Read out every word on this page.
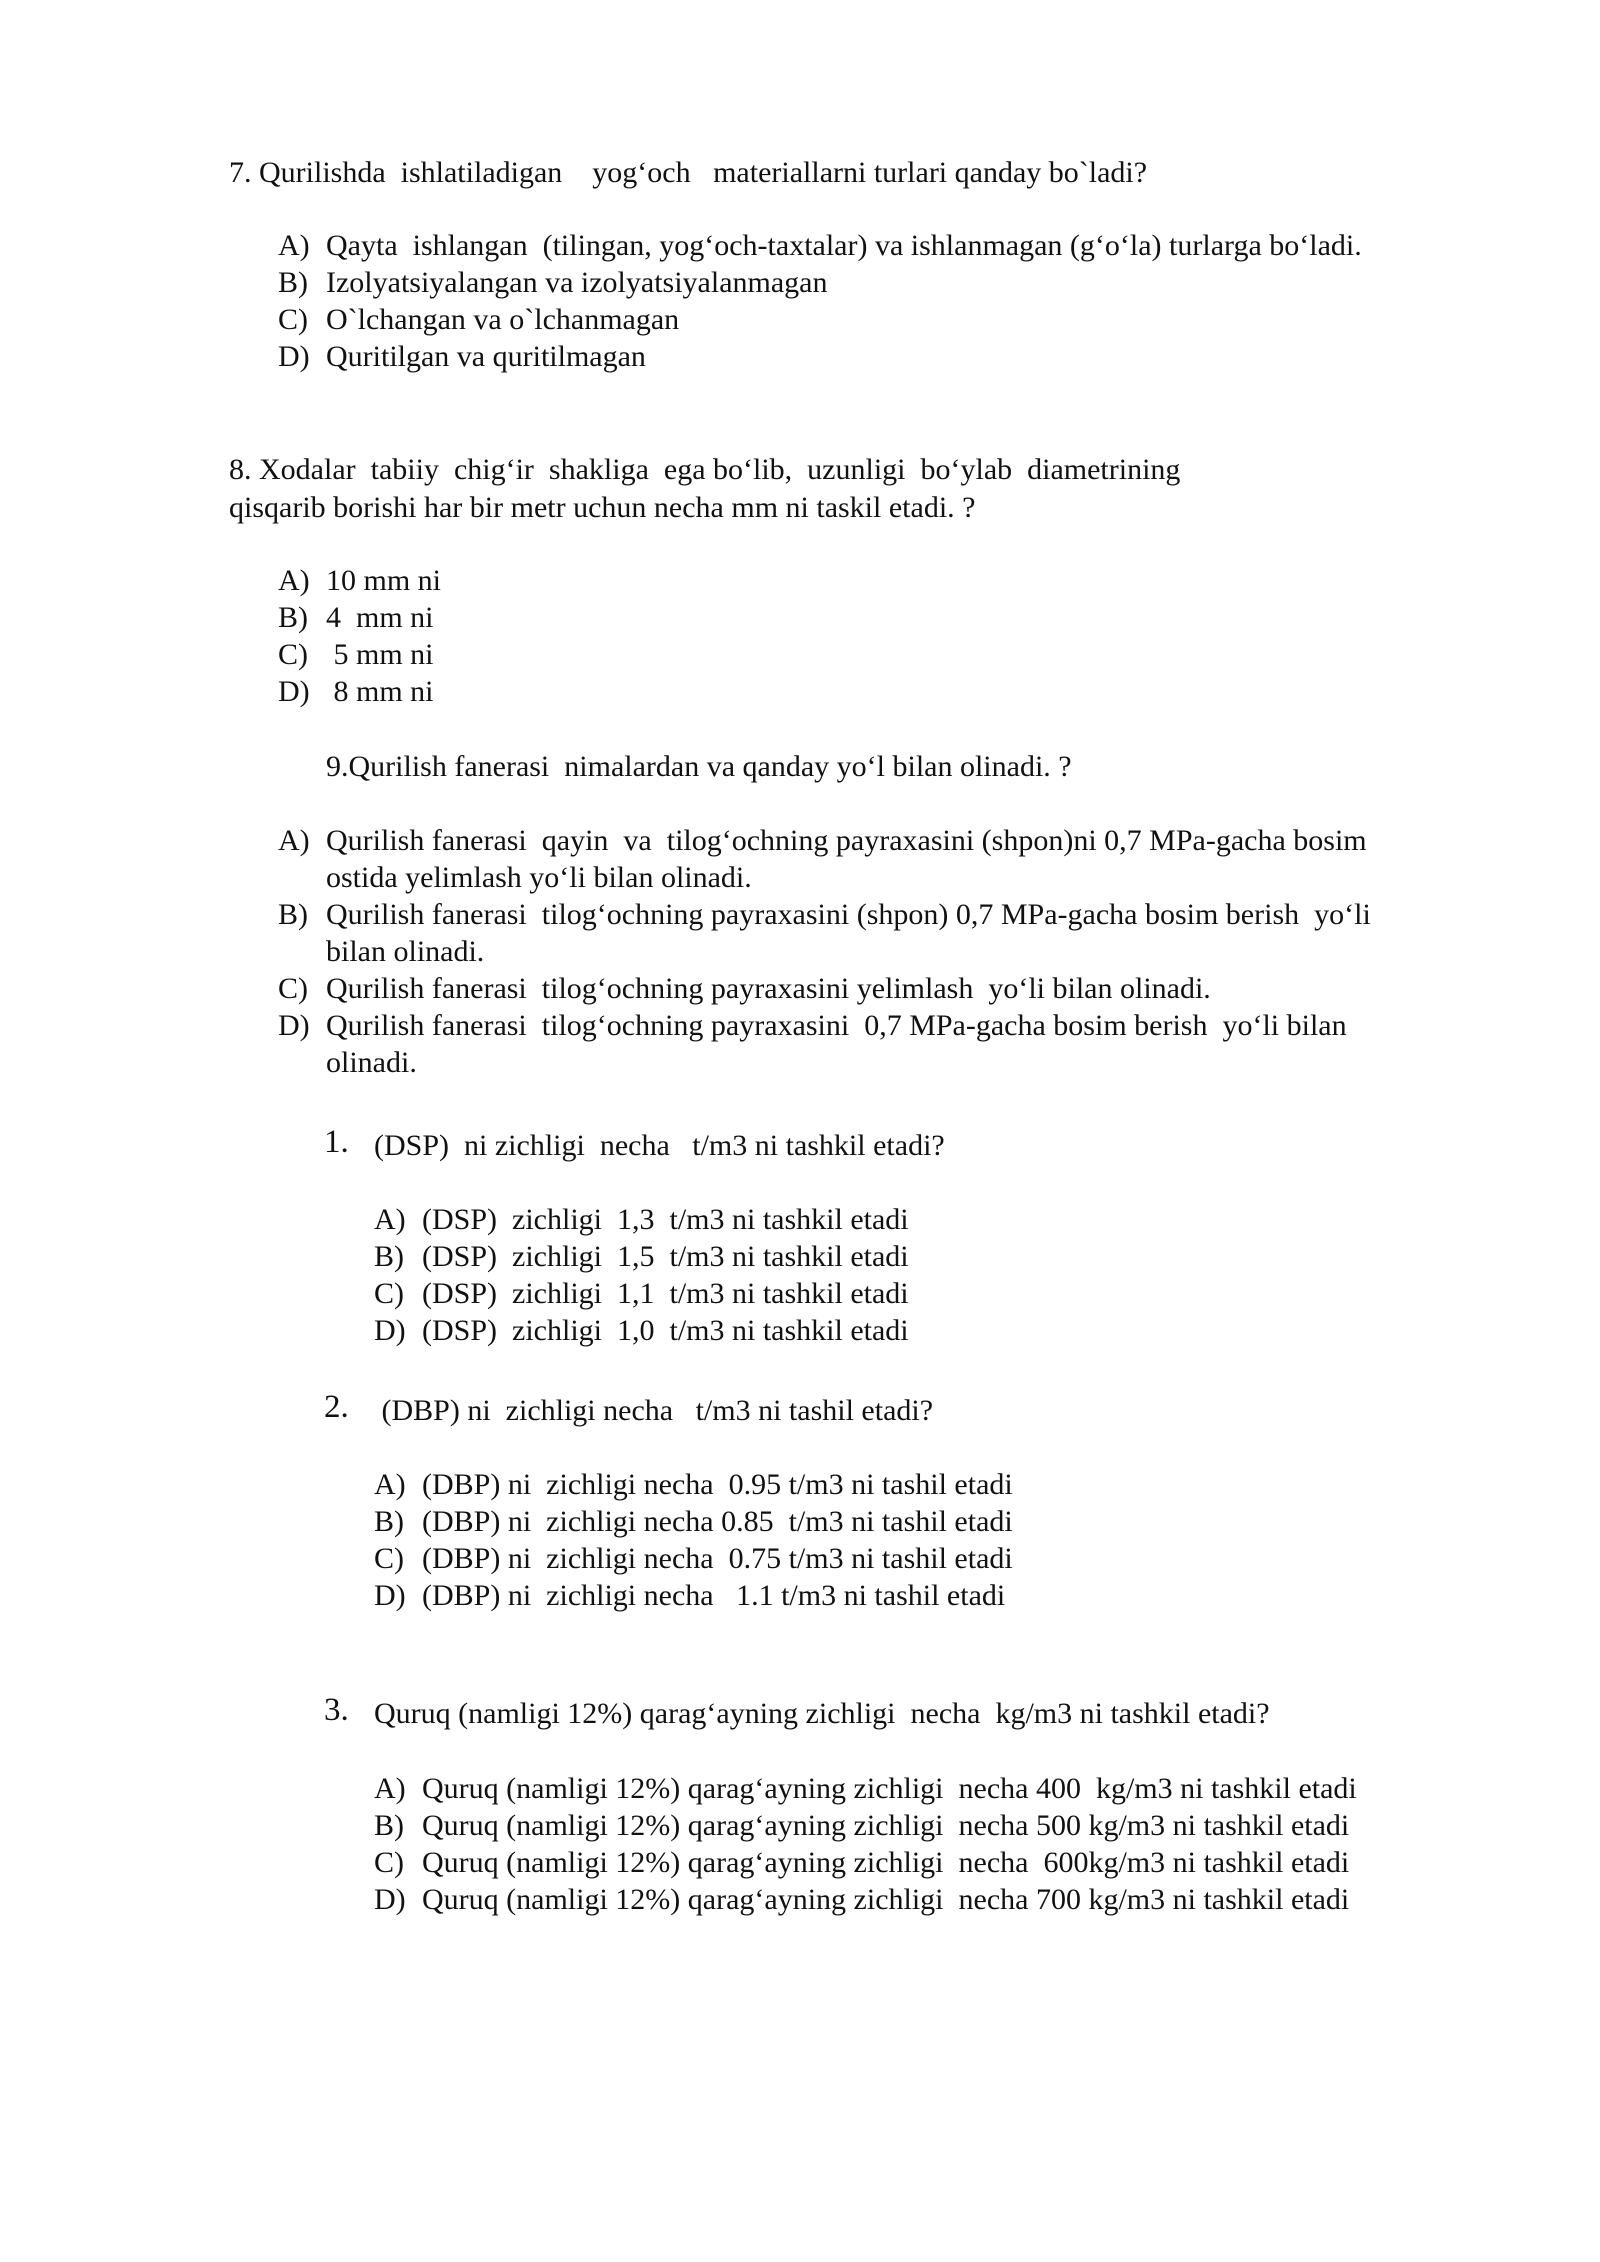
7. Qurilishda  ishlatiladigan    yog‘och   materiallarni turlari qanday bo`ladi?

A)

Qayta  ishlangan  (tilingan, yog‘och-taxtalar) va ishlanmagan (g‘o‘la) turlarga bo‘ladi.

B)

Izolyatsiyalangan va izolyatsiyalanmagan

C)

O`lchangan va o`lchanmagan

D)

Quritilgan va quritilmagan

8. Xodalar  tabiiy  chig‘ir  shakliga  ega bo‘lib,  uzunligi  bo‘ylab  diametrining
qisqarib borishi har bir metr uchun necha mm ni taskil etadi. ?

A)

10 mm ni

B)

4  mm ni

C)

5 mm ni

D)

8 mm ni

9.Qurilish fanerasi  nimalardan va qanday yo‘l bilan olinadi. ?

A)

Qurilish fanerasi  qayin  va  tilog‘ochning payraxasini (shpon)ni 0,7 MPa-gacha bosim

ostida yelimlash yo‘li bilan olinadi.

B)

Qurilish fanerasi  tilog‘ochning payraxasini (shpon) 0,7 MPa-gacha bosim berish  yo‘li

bilan olinadi.

C)

Qurilish fanerasi  tilog‘ochning payraxasini yelimlash  yo‘li bilan olinadi.

D)

Qurilish fanerasi  tilog‘ochning payraxasini  0,7 MPa-gacha bosim berish  yo‘li bilan

olinadi.

1. (DSP)  ni zichligi  necha   t/m3 ni tashkil etadi?

A)

(DSP)  zichligi  1,3  t/m3 ni tashkil etadi

B)

(DSP)  zichligi  1,5  t/m3 ni tashkil etadi

C)

(DSP)  zichligi  1,1  t/m3 ni tashkil etadi

D)

(DSP)  zichligi  1,0  t/m3 ni tashkil etadi

2. (DBP) ni  zichligi necha   t/m3 ni tashil etadi?

A)

(DBP) ni  zichligi necha  0.95 t/m3 ni tashil etadi

B)

(DBP) ni  zichligi necha 0.85  t/m3 ni tashil etadi

C)

(DBP) ni  zichligi necha  0.75 t/m3 ni tashil etadi

D)

(DBP) ni  zichligi necha   1.1 t/m3 ni tashil etadi

3. Quruq (namligi 12%) qarag‘ayning zichligi  necha  kg/m3 ni tashkil etadi?

A)

Quruq (namligi 12%) qarag‘ayning zichligi  necha 400  kg/m3 ni tashkil etadi

B)

Quruq (namligi 12%) qarag‘ayning zichligi  necha 500 kg/m3 ni tashkil etadi

C)

Quruq (namligi 12%) qarag‘ayning zichligi  necha  600kg/m3 ni tashkil etadi

D)

Quruq (namligi 12%) qarag‘ayning zichligi  necha 700 kg/m3 ni tashkil etadi
